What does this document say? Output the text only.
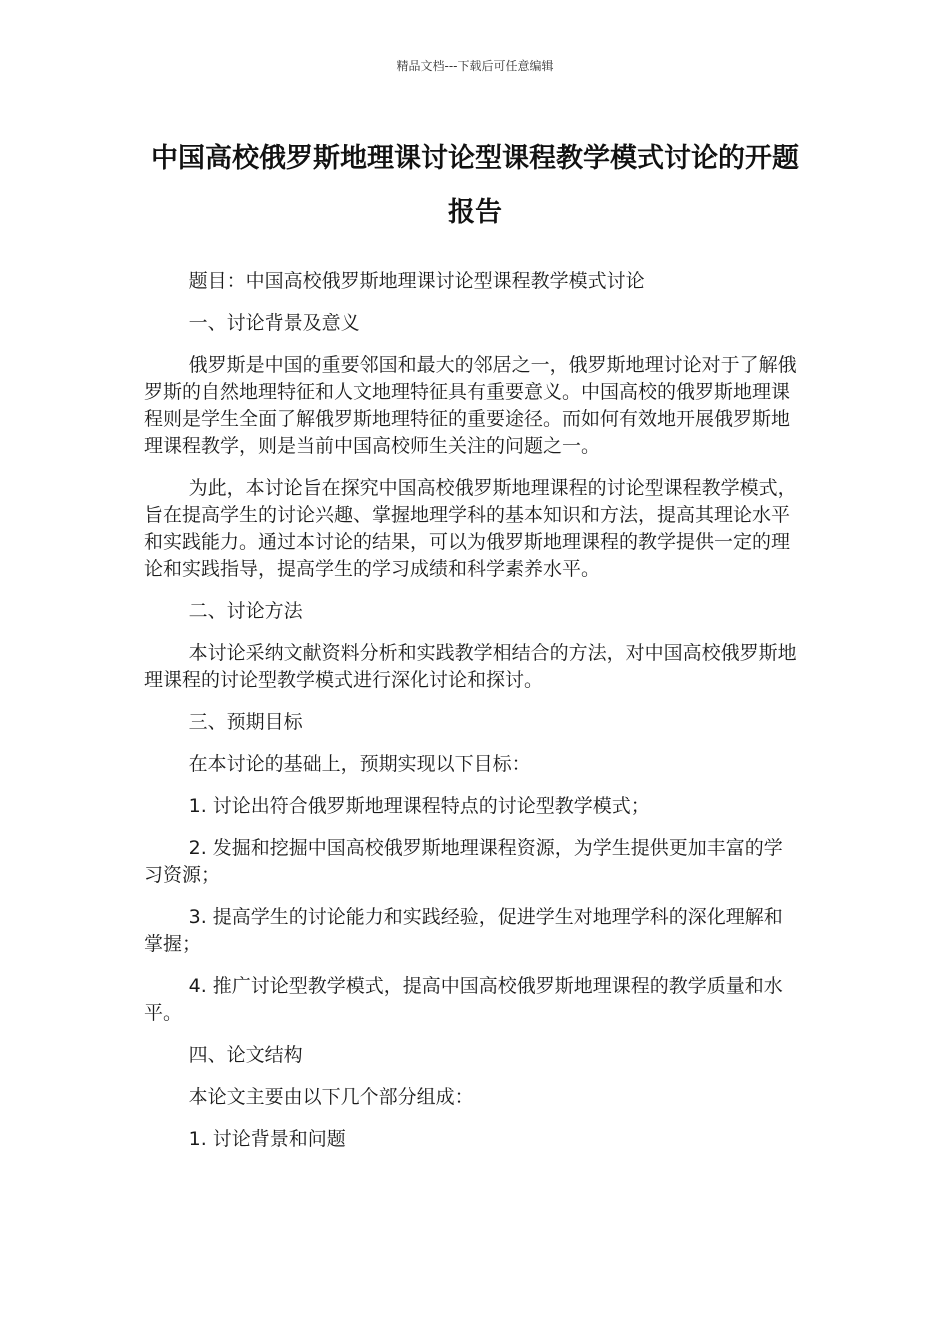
精品文档---下载后可任意编辑
中国高校俄罗斯地理课讨论型课程教学模式讨论的开题报告

题目：中国高校俄罗斯地理课讨论型课程教学模式讨论

一、讨论背景及意义

俄罗斯是中国的重要邻国和最大的邻居之一，俄罗斯地理讨论对于了解俄罗斯的自然地理特征和人文地理特征具有重要意义。中国高校的俄罗斯地理课程则是学生全面了解俄罗斯地理特征的重要途径。而如何有效地开展俄罗斯地理课程教学，则是当前中国高校师生关注的问题之一。

为此，本讨论旨在探究中国高校俄罗斯地理课程的讨论型课程教学模式，旨在提高学生的讨论兴趣、掌握地理学科的基本知识和方法，提高其理论水平和实践能力。通过本讨论的结果，可以为俄罗斯地理课程的教学提供一定的理论和实践指导，提高学生的学习成绩和科学素养水平。

二、讨论方法

本讨论采纳文献资料分析和实践教学相结合的方法，对中国高校俄罗斯地理课程的讨论型教学模式进行深化讨论和探讨。

三、预期目标

在本讨论的基础上，预期实现以下目标：

1. 讨论出符合俄罗斯地理课程特点的讨论型教学模式；

2. 发掘和挖掘中国高校俄罗斯地理课程资源，为学生提供更加丰富的学习资源；

3. 提高学生的讨论能力和实践经验，促进学生对地理学科的深化理解和掌握；

4. 推广讨论型教学模式，提高中国高校俄罗斯地理课程的教学质量和水平。

四、论文结构

本论文主要由以下几个部分组成：

1. 讨论背景和问题
